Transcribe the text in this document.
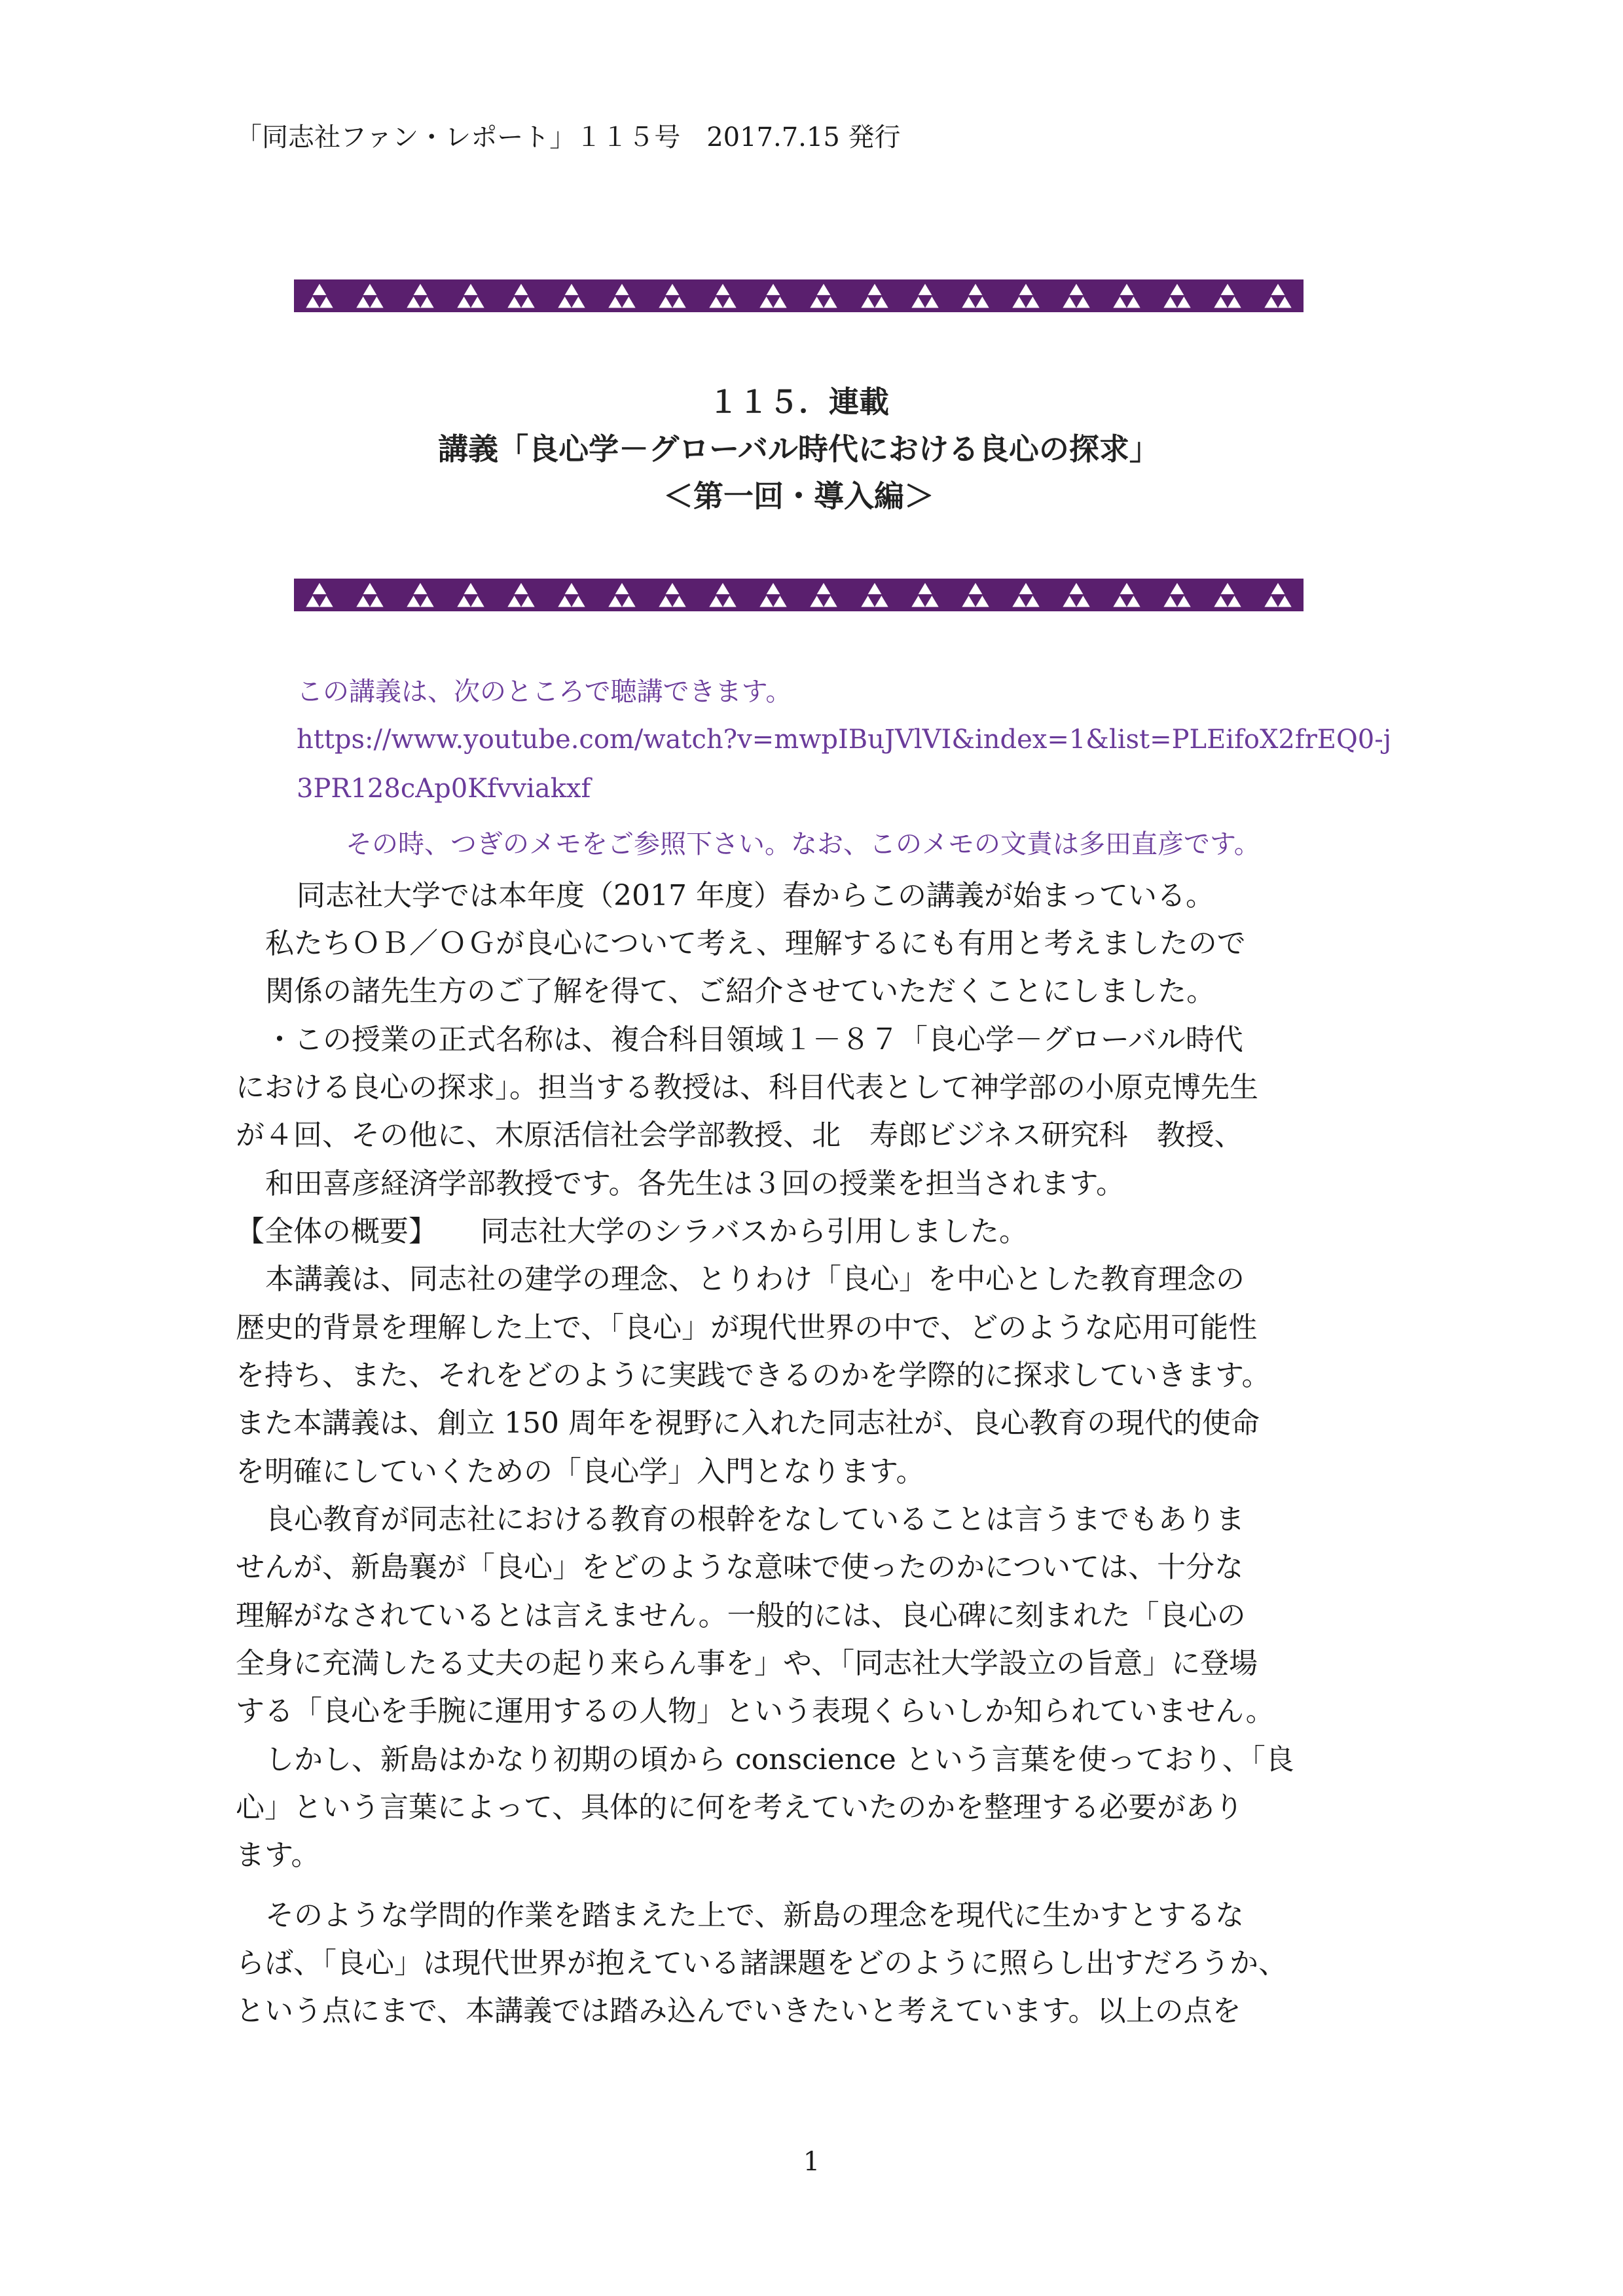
「同志社ファン・レポート」１１５号　2017.7.15 発行
１１５．連載
講義「良心学－グローバル時代における良心の探求」
＜第一回・導入編＞
この講義は、次のところで聴講できます。
https://www.youtube.com/watch?v=mwpIBuJVlVI&index=1&list=PLEifoX2frEQ0-j
3PR128cAp0Kfvviakxf
その時、つぎのメモをご参照下さい。なお、このメモの文責は多田直彦です。
同志社大学では本年度（2017 年度）春からこの講義が始まっている。
私たちＯＢ／ＯＧが良心について考え、理解するにも有用と考えましたので
関係の諸先生方のご了解を得て、ご紹介させていただくことにしました。
・この授業の正式名称は、複合科目領域１－８７「良心学－グローバル時代
における良心の探求」。担当する教授は、科目代表として神学部の小原克博先生
が４回、その他に、木原活信社会学部教授、北　寿郎ビジネス研究科　教授、
和田喜彦経済学部教授です。各先生は３回の授業を担当されます。
【全体の概要】　　同志社大学のシラバスから引用しました。
本講義は、同志社の建学の理念、とりわけ「良心」を中心とした教育理念の
歴史的背景を理解した上で、「良心」が現代世界の中で、どのような応用可能性
を持ち、また、それをどのように実践できるのかを学際的に探求していきます。
また本講義は、創立 150 周年を視野に入れた同志社が、良心教育の現代的使命
を明確にしていくための「良心学」入門となります。
良心教育が同志社における教育の根幹をなしていることは言うまでもありま
せんが、新島襄が「良心」をどのような意味で使ったのかについては、十分な
理解がなされているとは言えません。一般的には、良心碑に刻まれた「良心の
全身に充満したる丈夫の起り来らん事を」や、「同志社大学設立の旨意」に登場
する「良心を手腕に運用するの人物」という表現くらいしか知られていません。
しかし、新島はかなり初期の頃から conscience という言葉を使っており、「良
心」という言葉によって、具体的に何を考えていたのかを整理する必要があり
ます。
そのような学問的作業を踏まえた上で、新島の理念を現代に生かすとするな
らば、「良心」は現代世界が抱えている諸課題をどのように照らし出すだろうか、
という点にまで、本講義では踏み込んでいきたいと考えています。以上の点を
1
